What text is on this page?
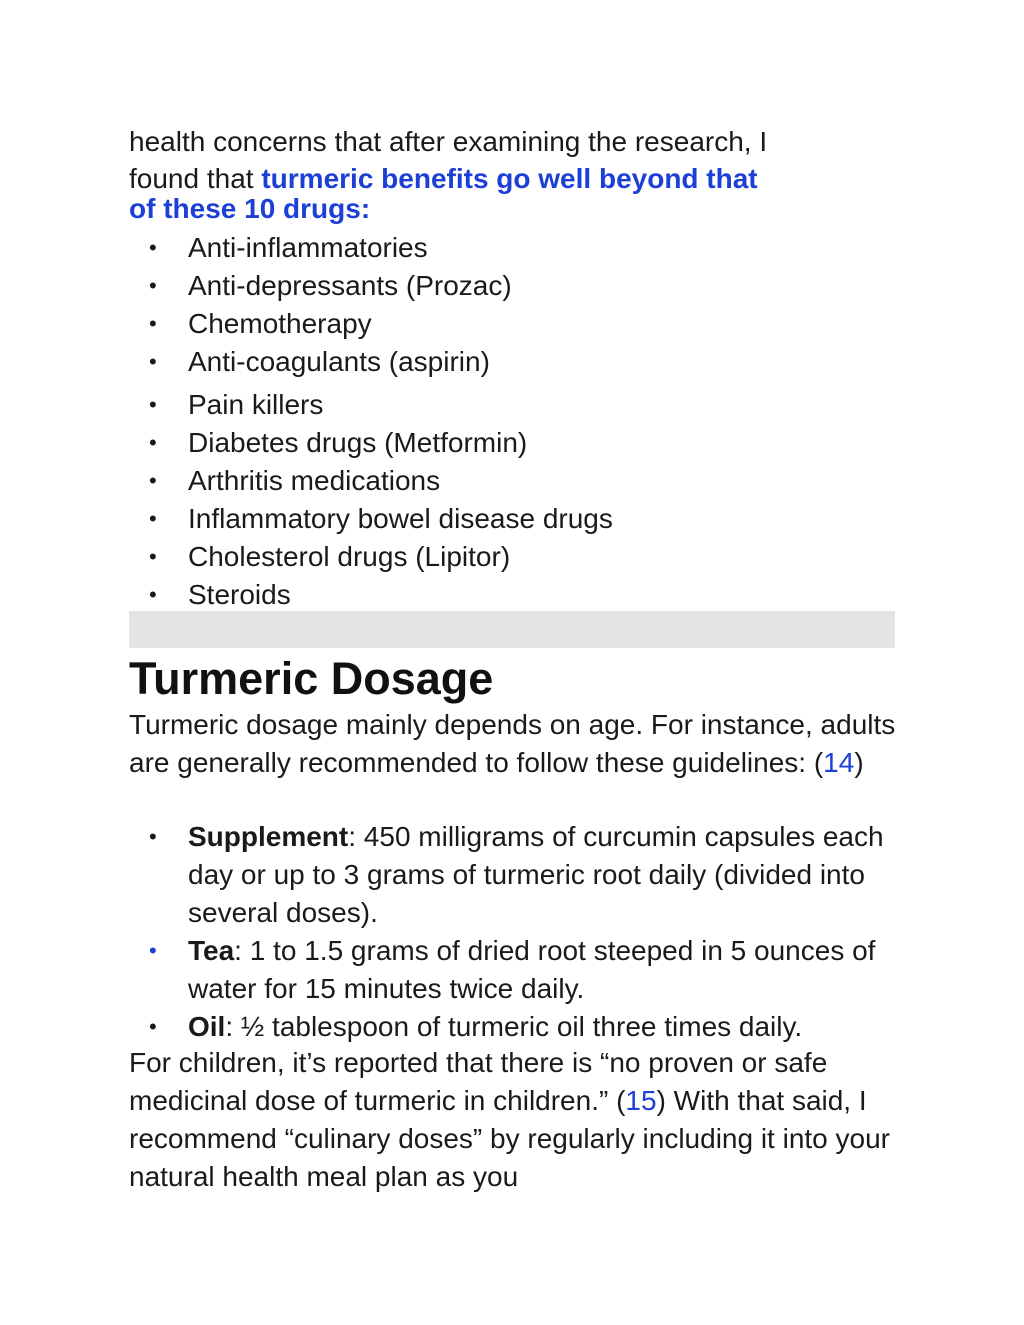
health concerns that after examining the research, I

found that turmeric benefits go well beyond that

of these 10 drugs:
• Anti-inflammatories
• Anti-depressants (Prozac)
• Chemotherapy
• Anti-coagulants (aspirin)
• Pain killers
• Diabetes drugs (Metformin)
• Arthritis medications
• Inflammatory bowel disease drugs
• Cholesterol drugs (Lipitor)
• Steroids
Turmeric Dosage

Turmeric dosage mainly depends on age. For instance, adults are generally recommended to follow these guidelines: (14)

• Supplement: 450 milligrams of curcumin capsules each day or up to 3 grams of turmeric root daily (divided into several doses).
• Tea: 1 to 1.5 grams of dried root steeped in 5 ounces of water for 15 minutes twice daily.
• Oil: ½ tablespoon of turmeric oil three times daily.

For children, it’s reported that there is “no proven or safe medicinal dose of turmeric in children.” (15) With that said, I recommend “culinary doses” by regularly including it into your natural health meal plan as you
